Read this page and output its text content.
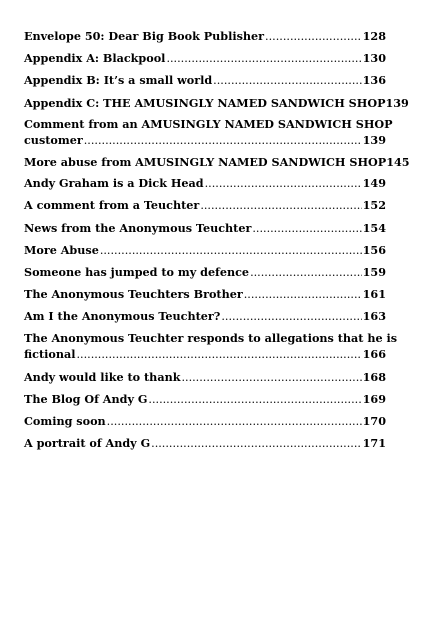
Envelope 50: Dear Big Book Publisher .....	128
Appendix A: Blackpool .....	130
Appendix B: It’s a small world .....	136
Appendix C: THE AMUSINGLY NAMED SANDWICH SHOP 139
Comment from an AMUSINGLY NAMED SANDWICH SHOP
customer .....	139
More abuse from AMUSINGLY NAMED SANDWICH SHOP 145
Andy Graham is a Dick Head .....	149
A comment from a Teuchter .....	152
News from the Anonymous Teuchter .....	154
More Abuse .....	156
Someone has jumped to my defence .....	159
The Anonymous Teuchters Brother .....	161
Am I the Anonymous Teuchter? .....	163
The Anonymous Teuchter responds to allegations that he is
fictional .....	166
Andy would like to thank .....	168
The Blog Of Andy G .....	169
Coming soon .....	170
A portrait of Andy G .....	171
